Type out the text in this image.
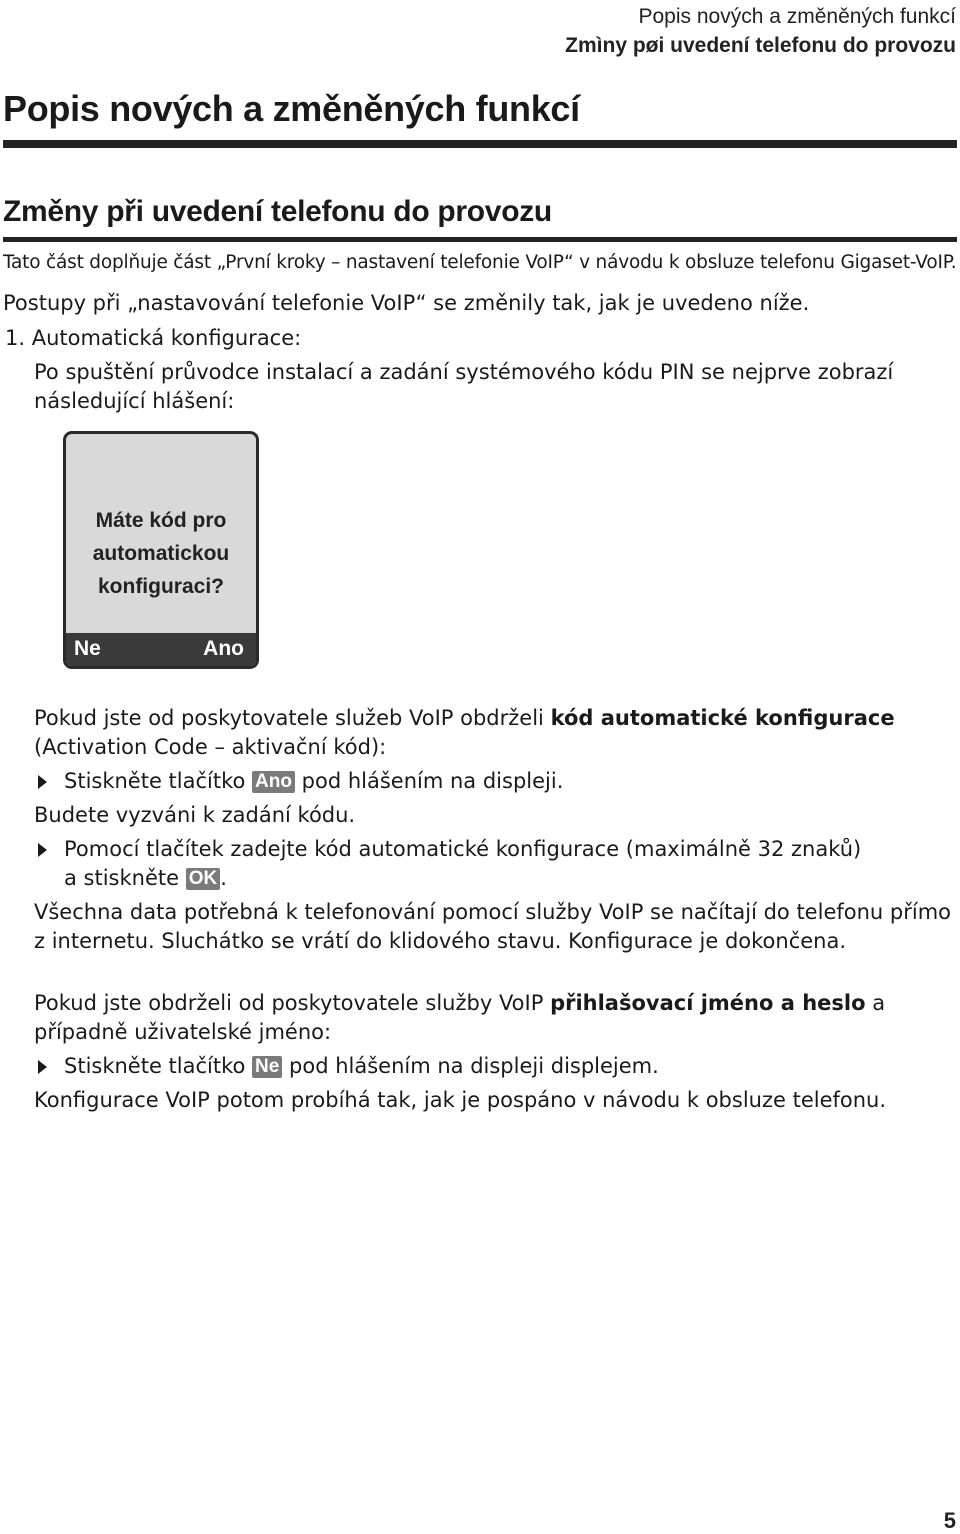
Popis nových a změněných funkcí
Zmìny pøi uvedení telefonu do provozu
Popis nových a změněných funkcí
Změny při uvedení telefonu do provozu

Tato část doplňuje část „První kroky – nastavení telefonie VoIP“ v návodu k obsluze telefonu Gigaset-VoIP.

Postupy při „nastavování telefonie VoIP“ se změnily tak, jak je uvedeno níže.

1. Automatická konfigurace:

Po spuštění průvodce instalací a zadání systémového kódu PIN se nejprve zobrazí následující hlášení:

Máte kód pro
automatickou
konfiguraci?
Ne	Ano

Pokud jste od poskytovatele služeb VoIP obdrželi kód automatické konfigurace
(Activation Code – aktivační kód):

Stiskněte tlačítko Ano pod hlášením na displeji.

Budete vyzváni k zadání kódu.

Pomocí tlačítek zadejte kód automatické konfigurace (maximálně 32 znaků)
a stiskněte OK .

Všechna data potřebná k telefonování pomocí služby VoIP se načítají do telefonu přímo z internetu. Sluchátko se vrátí do klidového stavu. Konfigurace je dokončena.

Pokud jste obdrželi od poskytovatele služby VoIP přihlašovací jméno a heslo a případně uživatelské jméno:

Stiskněte tlačítko Ne pod hlášením na displeji displejem.

Konfigurace VoIP potom probíhá tak, jak je pospáno v návodu k obsluze telefonu.

5
